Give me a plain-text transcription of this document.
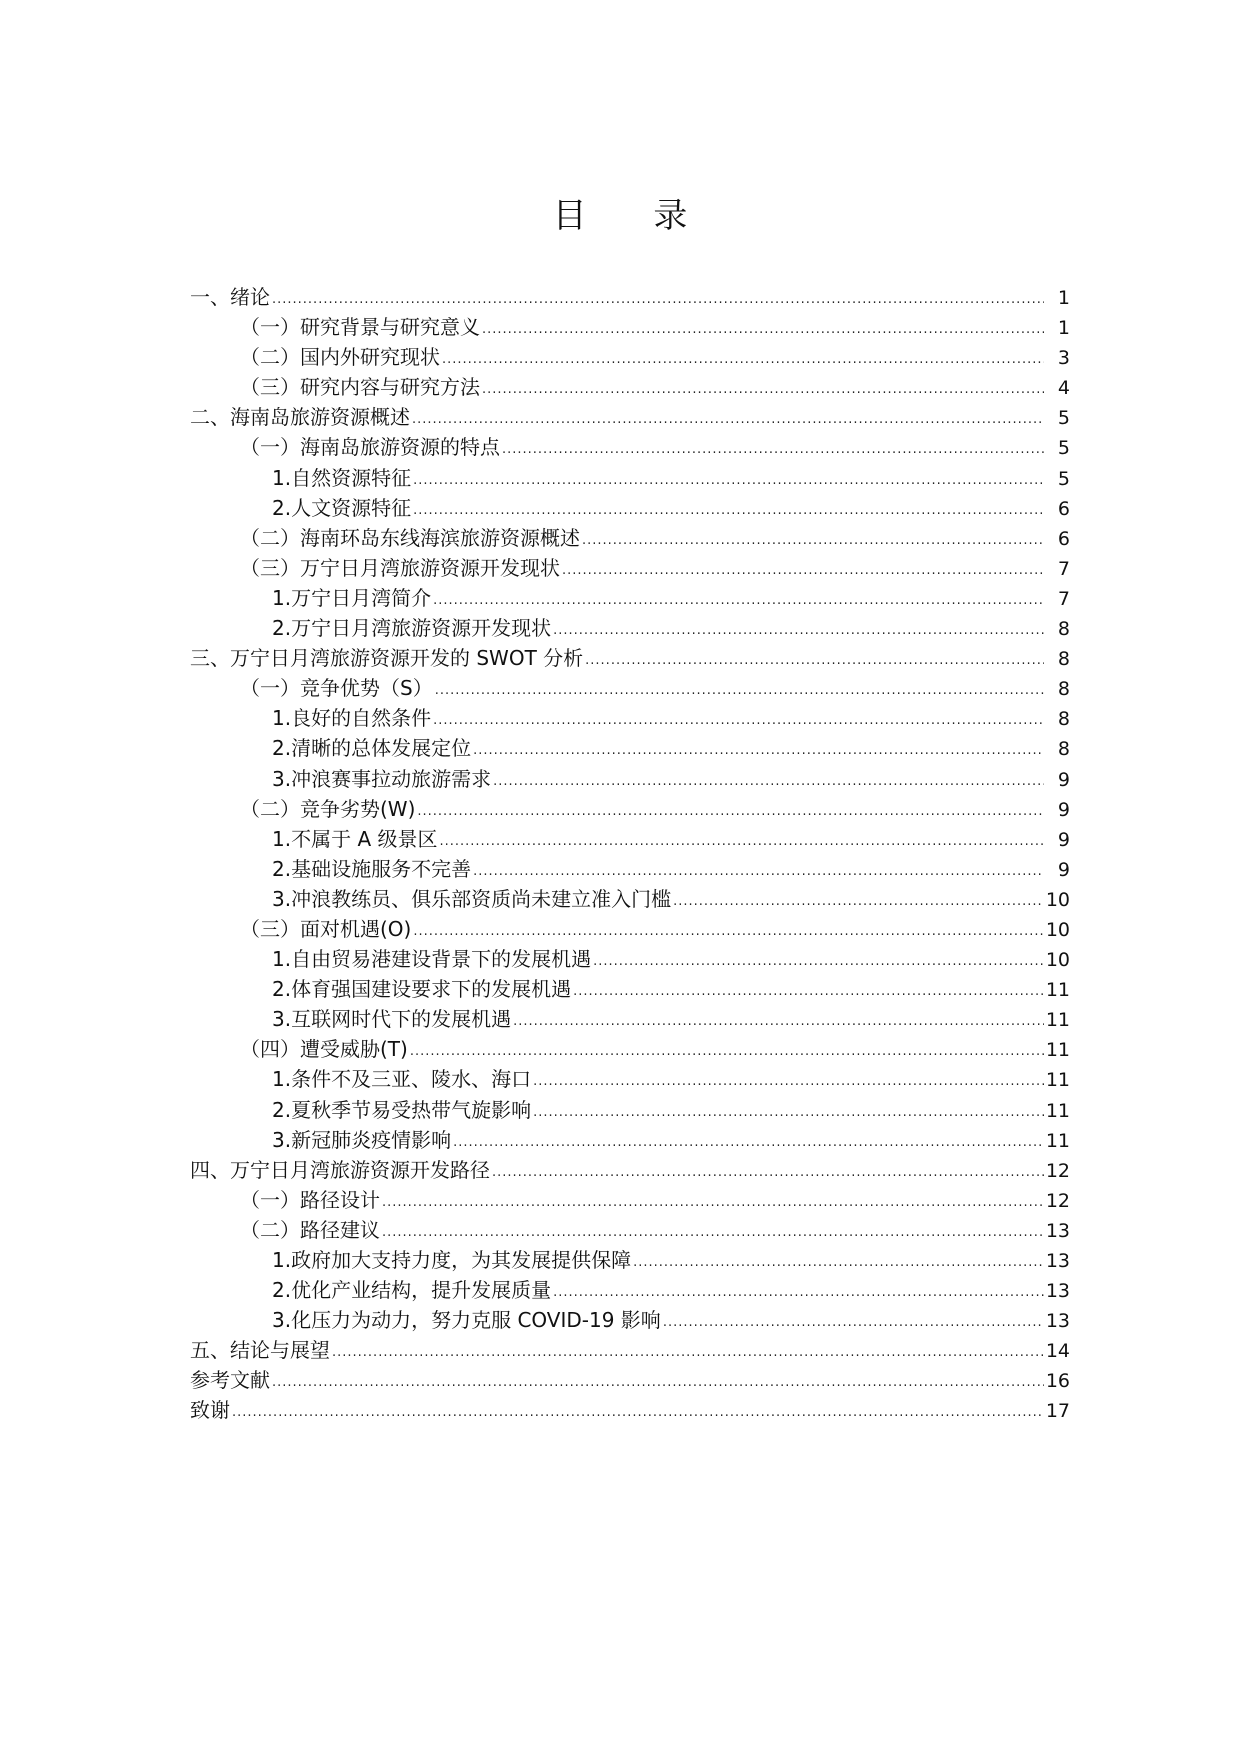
目 录
一、绪论 .....	1
（一）研究背景与研究意义 .....	1
（二）国内外研究现状 .....	3
（三）研究内容与研究方法 .....	4
二、海南岛旅游资源概述 .....	5
（一）海南岛旅游资源的特点 .....	5
1.自然资源特征 .....	5
2.人文资源特征 .....	6
（二）海南环岛东线海滨旅游资源概述 .....	6
（三）万宁日月湾旅游资源开发现状 .....	7
1.万宁日月湾简介 .....	7
2.万宁日月湾旅游资源开发现状 .....	8
三、万宁日月湾旅游资源开发的 SWOT 分析 .....	8
（一）竞争优势（S） .....	8
1.良好的自然条件 .....	8
2.清晰的总体发展定位 .....	8
3.冲浪赛事拉动旅游需求 .....	9
（二）竞争劣势(W) .....	9
1.不属于 A 级景区 .....	9
2.基础设施服务不完善 .....	9
3.冲浪教练员、俱乐部资质尚未建立准入门槛 .....	10
（三）面对机遇(O) .....	10
1.自由贸易港建设背景下的发展机遇 .....	10
2.体育强国建设要求下的发展机遇 .....	11
3.互联网时代下的发展机遇 .....	11
（四）遭受威胁(T) .....	11
1.条件不及三亚、陵水、海口 .....	11
2.夏秋季节易受热带气旋影响 .....	11
3.新冠肺炎疫情影响 .....	11
四、万宁日月湾旅游资源开发路径 .....	12
（一）路径设计 .....	12
（二）路径建议 .....	13
1.政府加大支持力度，为其发展提供保障 .....	13
2.优化产业结构，提升发展质量 .....	13
3.化压力为动力，努力克服 COVID-19 影响 .....	13
五、结论与展望 .....	14
参考文献 .....	16
致谢 .....	17
